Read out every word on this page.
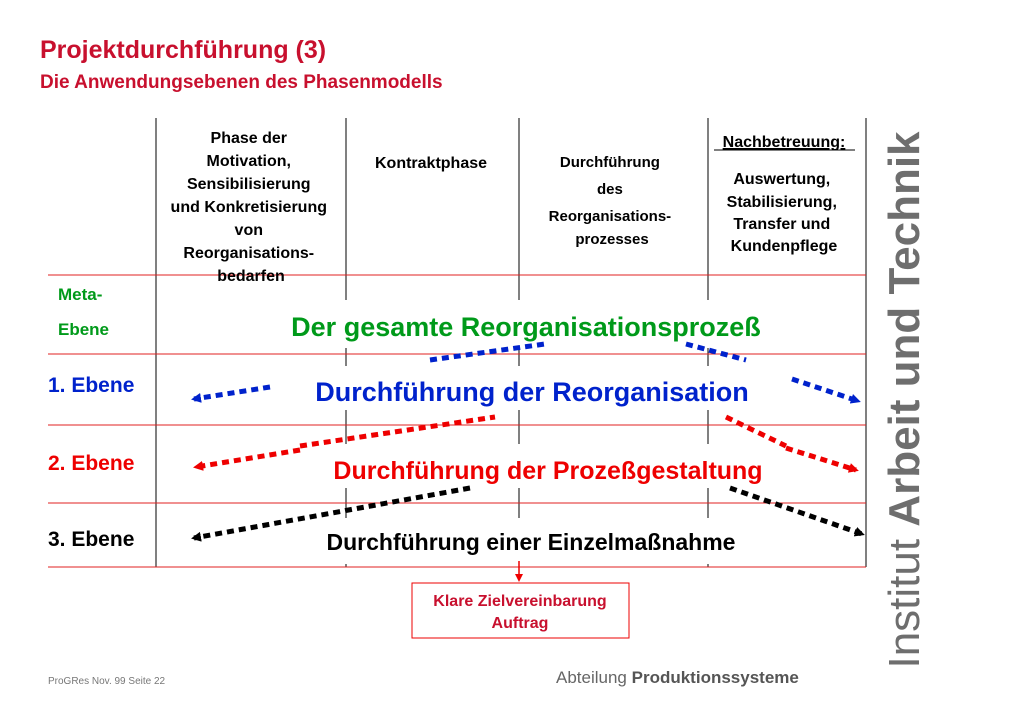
Projektdurchführung (3)
Die Anwendungsebenen des Phasenmodells
Phase der Motivation, Sensibilisierung und Konkretisierung von Reorganisations- bedarfen
Kontraktphase	Durchführung des Reorganisations- prozesses
Nachbetreuung:
Auswertung, Stabilisierung, Transfer und Kundenpflege
Meta-
Ebene
1. Ebene
2. Ebene
3. Ebene
Der gesamte Reorganisationsprozeß
Durchführung der Reorganisation
Durchführung der Prozeßgestaltung
Durchführung einer Einzelmaßnahme
Klare Zielvereinbarung
Auftrag
ProGRes Nov. 99 Seite 22	Abteilung Produktionssysteme
Institut Arbeit und Technik
